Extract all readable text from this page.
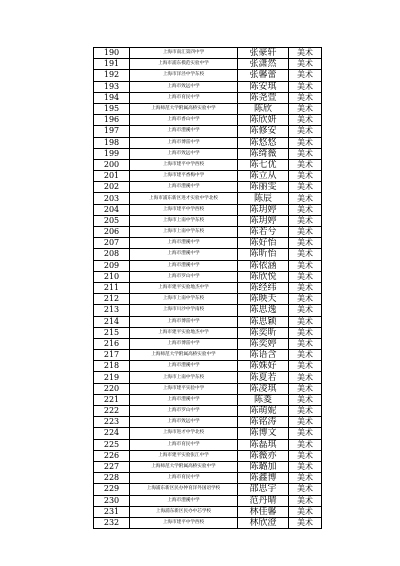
190	上海市南汇第四中学	张豪轩	美术
191	上海市浦东模范实验中学	张潇然	美术
192	上海市洋泾中学东校	张馨蕾	美术
193	上海市致远中学	陈安琪	美术
194	上海市育民中学	陈尧萱	美术
195	上海师范大学附属高桥实验中学	陈欣	美术
196	上海市香山中学	陈欣妍	美术
197	上海市澧溪中学	陈修安	美术
198	上海市博雷中学	陈悠悠	美术
199	上海市致远中学	陈绮薇	美术
200	上海市建平中学西校	陈七优	美术
201	上海市建平香梅中学	陈立从	美术
202	上海市澧溪中学	陈丽雯	美术
203	上海市浦东新区进才实验中学北校	陈辰	美术
204	上海市建平中学西校	陈玥婷	美术
205	上海市上南中学东校	陈玥婷	美术
206	上海市上南中学东校	陈若兮	美术
207	上海市澧溪中学	陈好怡	美术
208	上海市澧溪中学	陈昕怡	美术
209	上海市澧溪中学	陈依涵	美术
210	上海市罗山中学	陈欣悦	美术
211	上海市建平实验地杰中学	陈经纬	美术
212	上海市上南中学东校	陈映天	美术
213	上海市川沙中学南校	陈思逸	美术
214	上海市博雷中学	陈思颖	美术
215	上海市建平实验地杰中学	陈奕昕	美术
216	上海市博雷中学	陈奕婷	美术
217	上海师范大学附属高桥实验中学	陈语含	美术
218	上海市澧溪中学	陈姝好	美术
219	上海市上南中学东校	陈夏若	美术
220	上海市建平实验中学	陈凌琪	美术
221	上海市澧溪中学	陈菱	美术
222	上海市罗山中学	陈萌妮	美术
223	上海市致远中学	陈铭涛	美术
224	上海市进才中学北校	陈博文	美术
225	上海市育民中学	陈磊琪	美术
226	上海市建平实验张江中学	陈薇亦	美术
227	上海师范大学附属高桥实验中学	陈璐加	美术
228	上海市育民中学	陈鑫博	美术
229	上海浦东新区民办仲育洋外国语学校	邵思宇	美术
230	上海市澧溪中学	范丹晴	美术
231	上海浦东新区民办中芯学校	林佳馨	美术
232	上海市建平中学西校	林欣澄	美术
